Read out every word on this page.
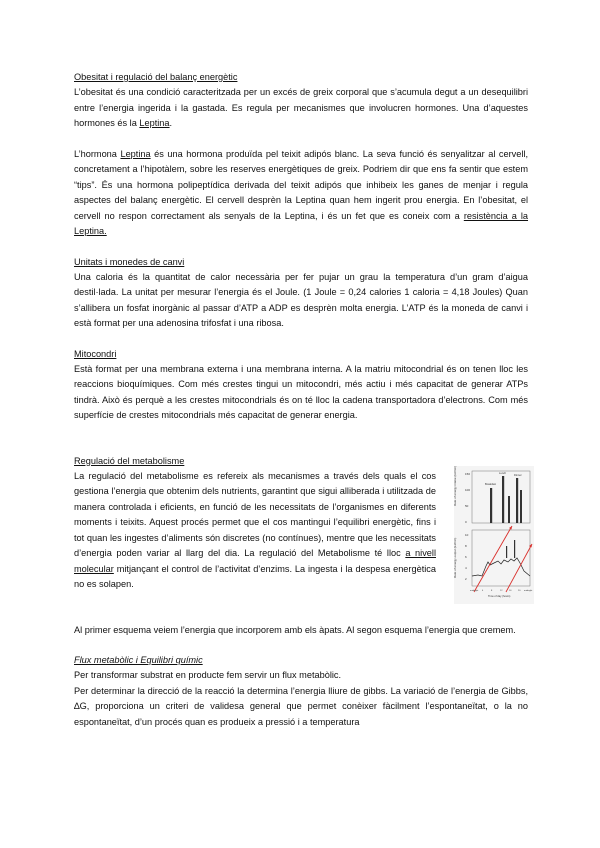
Obesitat i regulació del balanç energètic

L’obesitat és una condició caracteritzada per un excés de greix corporal que s’acumula degut a un desequilibri entre l’energia ingerida i la gastada. Es regula per mecanismes que involucren hormones. Una d’aquestes hormones és la Leptina.

L’hormona Leptina és una hormona produïda pel teixit adipós blanc. La seva funció és senyalitzar al cervell, concretament a l’hipotàlem, sobre les reserves energètiques de greix. Podriem dir que ens fa sentir que estem “tips”. És una hormona polipeptídica derivada del teixit adipós que inhibeix les ganes de menjar i regula aspectes del balanç energètic. El cervell desprèn la Leptina quan hem ingerit prou energia. En l’obesitat, el cervell no respon correctament als senyals de la Leptina, i és un fet que es coneix com a resistència a la Leptina.

Unitats i monedes de canvi

Una caloria és la quantitat de calor necessària per fer pujar un grau la temperatura d’un gram d’aigua destil·lada. La unitat per mesurar l’energia és el Joule. (1 Joule = 0,24 calories 1 caloria = 4,18 Joules) Quan s’allibera un fosfat inorgànic al passar d’ATP a ADP es desprèn molta energia. L’ATP és la moneda de canvi i està format per una adenosina trifosfat i una ribosa.

Mitocondri

Està format per una membrana externa i una membrana interna. A la matriu mitocondrial és on tenen lloc les reaccions bioquímiques. Com més crestes tingui un mitocondri, més actiu i més capacitat de generar ATPs tindrà. Això és perquè a les crestes mitocondrials és on té lloc la cadena transportadora d’electrons. Com més superfície de crestes mitocondrials més capacitat de generar energia.

Regulació del metabolisme

La regulació del metabolisme es refereix als mecanismes a través dels quals el cos gestiona l’energia que obtenim dels nutrients, garantint que sigui alliberada i utilitzada de manera controlada i eficients, en funció de les necessitats de l’organismes en diferents moments i teixits. Aquest procés permet que el cos mantingui l’equilibri energètic, fins i tot quan les ingestes d’aliments són discretes (no contínues), mentre que les necessitats d’energia poden variar al llarg del dia. La regulació del Metabolisme té lloc a nivell molecular mitjançant el control de l’activitat d’enzims. La ingesta i la despesa energètica no es solapen.

Rate of energy intake (kJ/min)	150
100
50
0
Breakfast
Lunch
Dinner
Rate of energy output (kJ/min)
10
8
6
4
2
midnight 4	8	12	16	20	midnight
Time of day (hours)

Al primer esquema veiem l’energia que incorporem amb els àpats. Al segon esquema l’energia que cremem.

Flux metabòlic i Equilibri químic

Per transformar substrat en producte fem servir un flux metabòlic.

Per determinar la direcció de la reacció la determina l’energia lliure de gibbs. La variació de l’energia de Gibbs, ∆G, proporciona un criteri de validesa general que permet conèixer fàcilment l’espontaneïtat, o la no espontaneïtat, d’un procés quan es produeix a pressió i a temperatura
